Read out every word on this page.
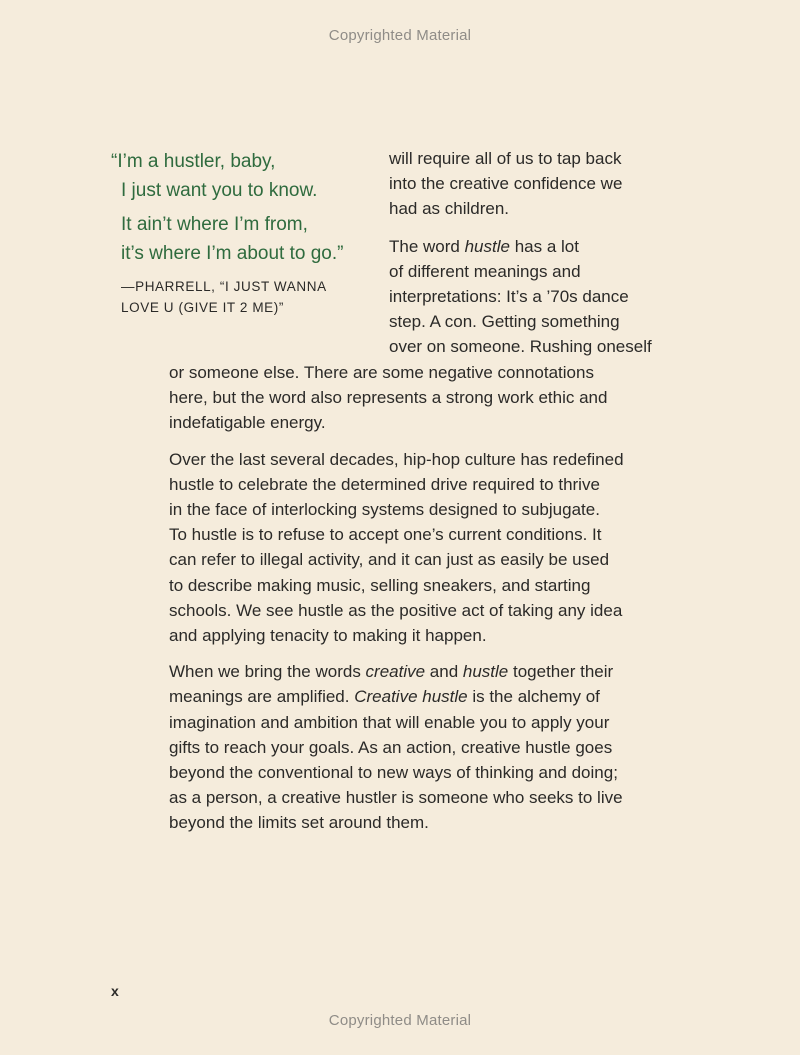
Copyrighted Material
“I’m a hustler, baby,
I just want you to know.
It ain’t where I’m from,
it’s where I’m about to go.”
—PHARRELL, “I JUST WANNA
LOVE U (GIVE IT 2 ME)”
will require all of us to tap back
into the creative confidence we
had as children.
The word hustle has a lot
of different meanings and
interpretations: It’s a ’70s dance
step. A con. Getting something
over on someone. Rushing oneself
or someone else. There are some negative connotations
here, but the word also represents a strong work ethic and
indefatigable energy.
Over the last several decades, hip-hop culture has redefined
hustle to celebrate the determined drive required to thrive
in the face of interlocking systems designed to subjugate.
To hustle is to refuse to accept one’s current conditions. It
can refer to illegal activity, and it can just as easily be used
to describe making music, selling sneakers, and starting
schools. We see hustle as the positive act of taking any idea
and applying tenacity to making it happen.
When we bring the words creative and hustle together their
meanings are amplified. Creative hustle is the alchemy of
imagination and ambition that will enable you to apply your
gifts to reach your goals. As an action, creative hustle goes
beyond the conventional to new ways of thinking and doing;
as a person, a creative hustler is someone who seeks to live
beyond the limits set around them.
x
Copyrighted Material
